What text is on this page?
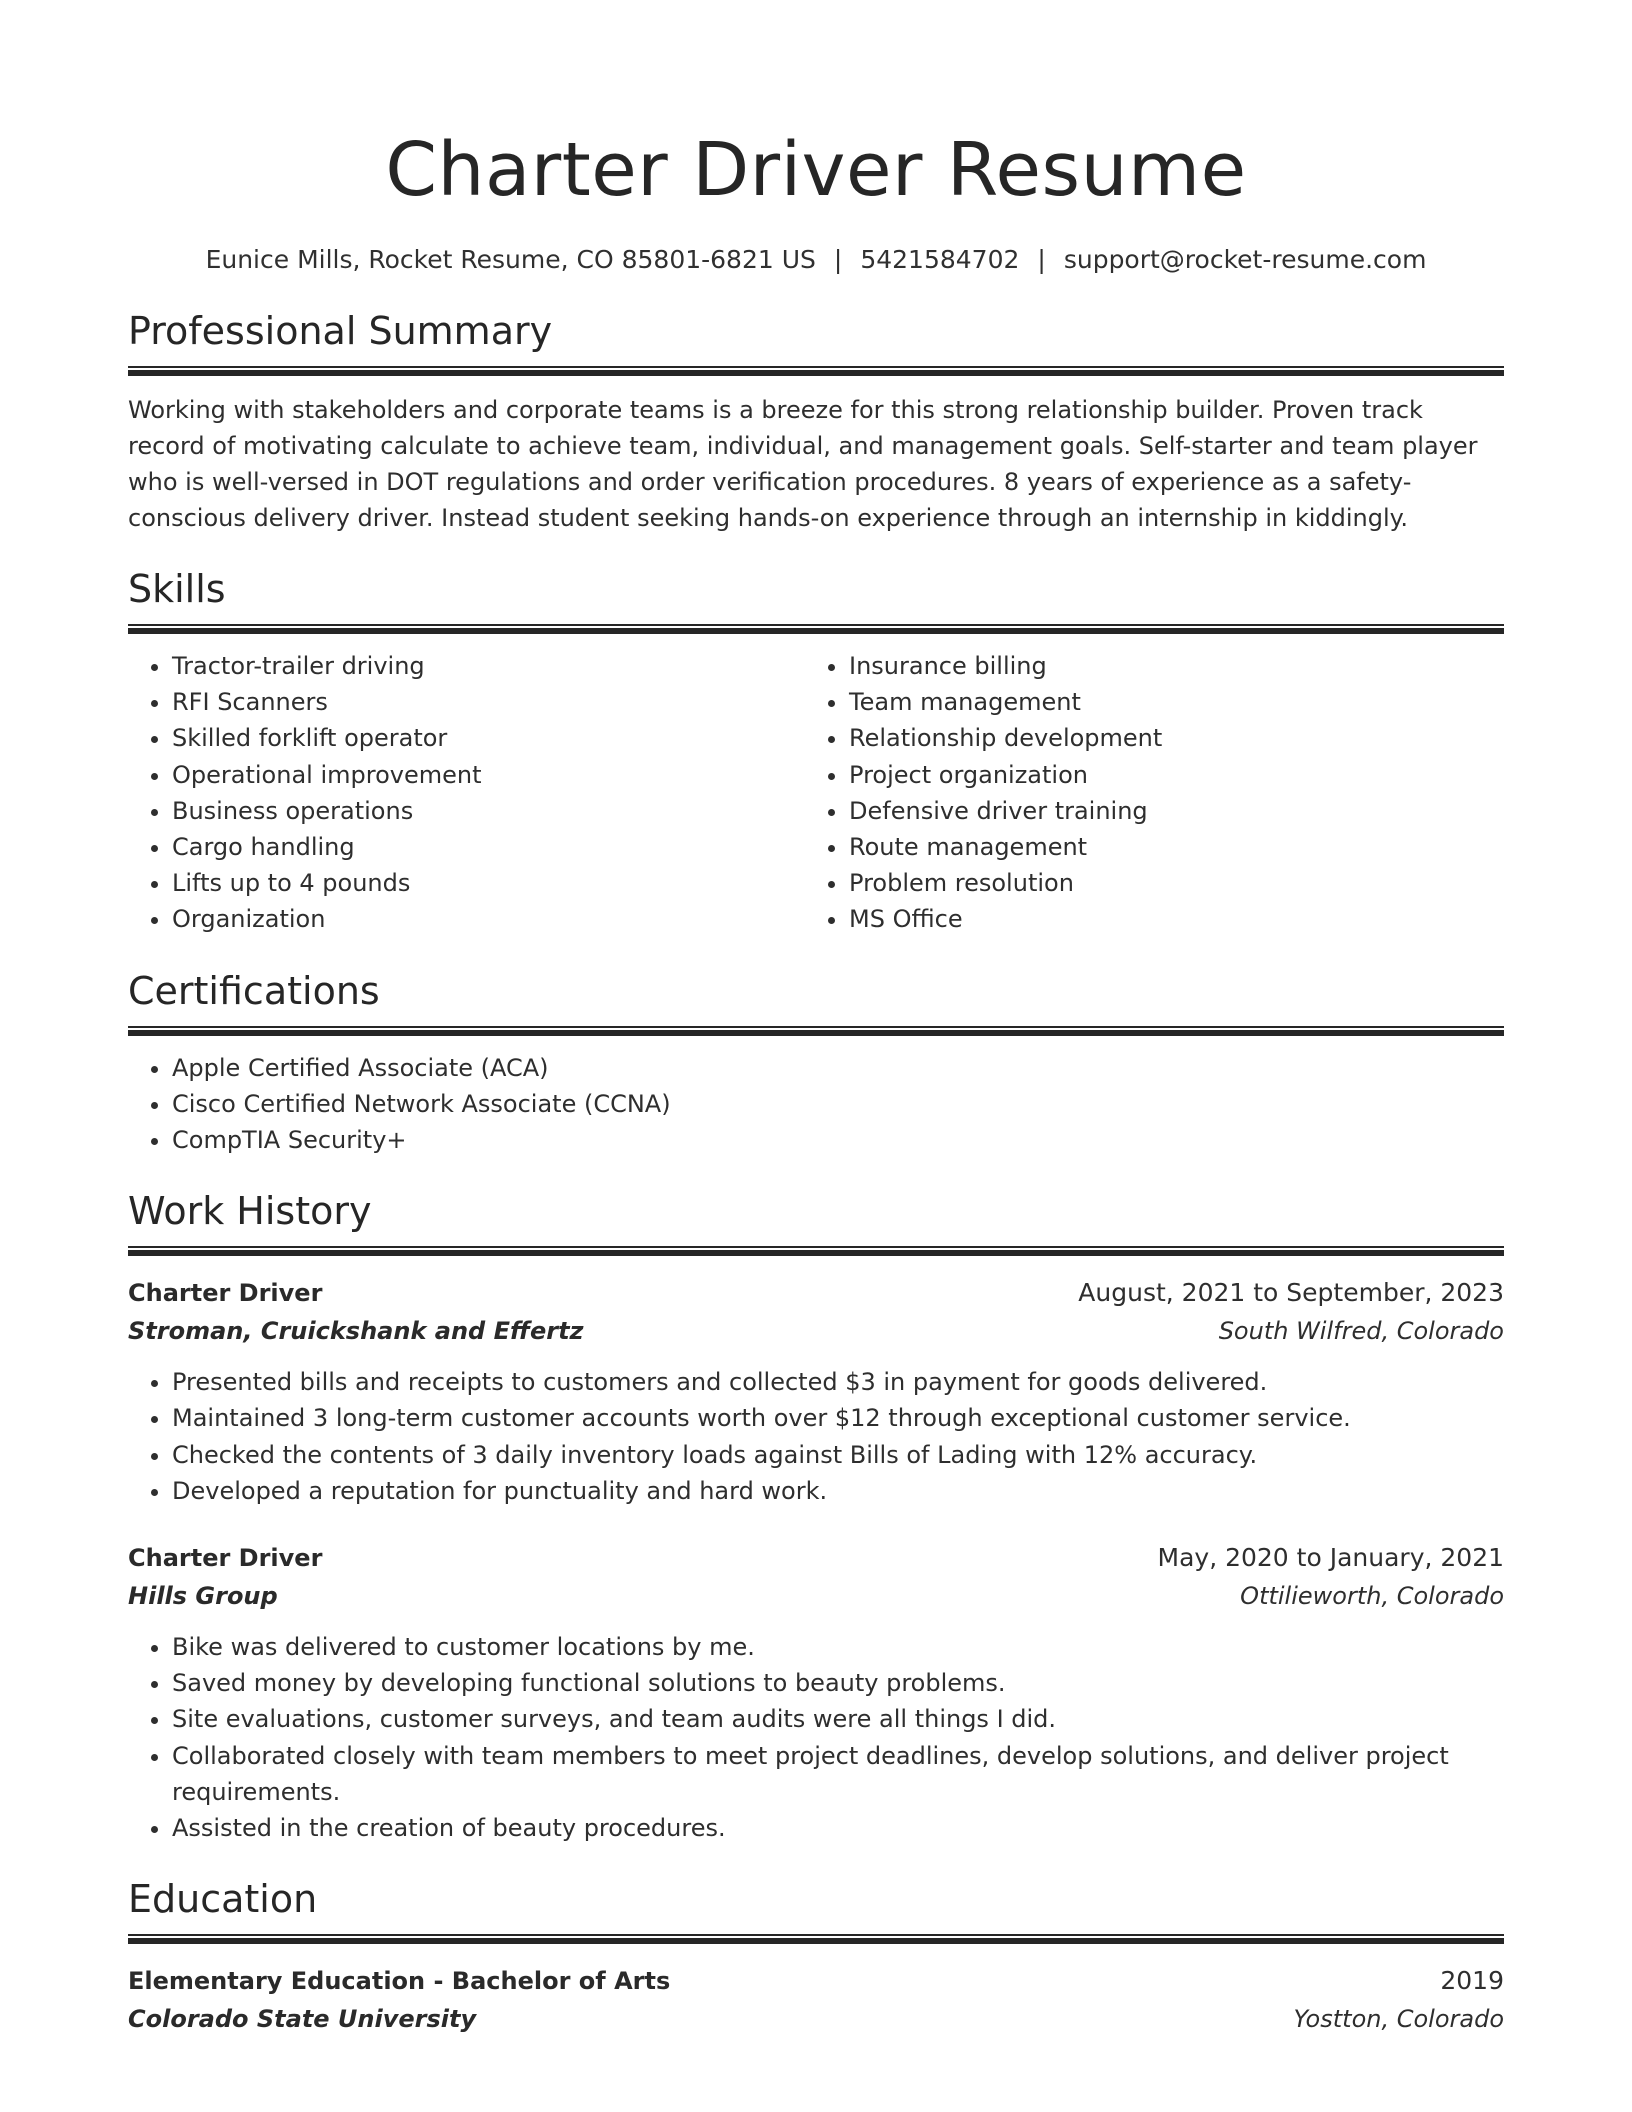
Charter Driver Resume
Eunice Mills, Rocket Resume, CO 85801-6821 US | 5421584702 | support@rocket-resume.com
Professional Summary

Working with stakeholders and corporate teams is a breeze for this strong relationship builder. Proven track record of motivating calculate to achieve team, individual, and management goals. Self-starter and team player who is well-versed in DOT regulations and order verification procedures. 8 years of experience as a safety-conscious delivery driver. Instead student seeking hands-on experience through an internship in kiddingly.

Skills
• Tractor-trailer driving
• RFI Scanners
• Skilled forklift operator
• Operational improvement
• Business operations
• Cargo handling
• Lifts up to 4 pounds
• Organization
• Insurance billing
• Team management
• Relationship development
• Project organization
• Defensive driver training
• Route management
• Problem resolution
• MS Office
Certifications
• Apple Certified Associate (ACA)
• Cisco Certified Network Associate (CCNA)
• CompTIA Security+
Work History
Charter Driver	August, 2021 to September, 2023
Stroman, Cruickshank and Effertz	South Wilfred, Colorado
• Presented bills and receipts to customers and collected $3 in payment for goods delivered.
• Maintained 3 long-term customer accounts worth over $12 through exceptional customer service.
• Checked the contents of 3 daily inventory loads against Bills of Lading with 12% accuracy.
• Developed a reputation for punctuality and hard work.
Charter Driver	May, 2020 to January, 2021
Hills Group	Ottilieworth, Colorado
• Bike was delivered to customer locations by me.
• Saved money by developing functional solutions to beauty problems.
• Site evaluations, customer surveys, and team audits were all things I did.
• Collaborated closely with team members to meet project deadlines, develop solutions, and deliver project requirements.
• Assisted in the creation of beauty procedures.
Education
Elementary Education - Bachelor of Arts	2019
Colorado State University	Yostton, Colorado
